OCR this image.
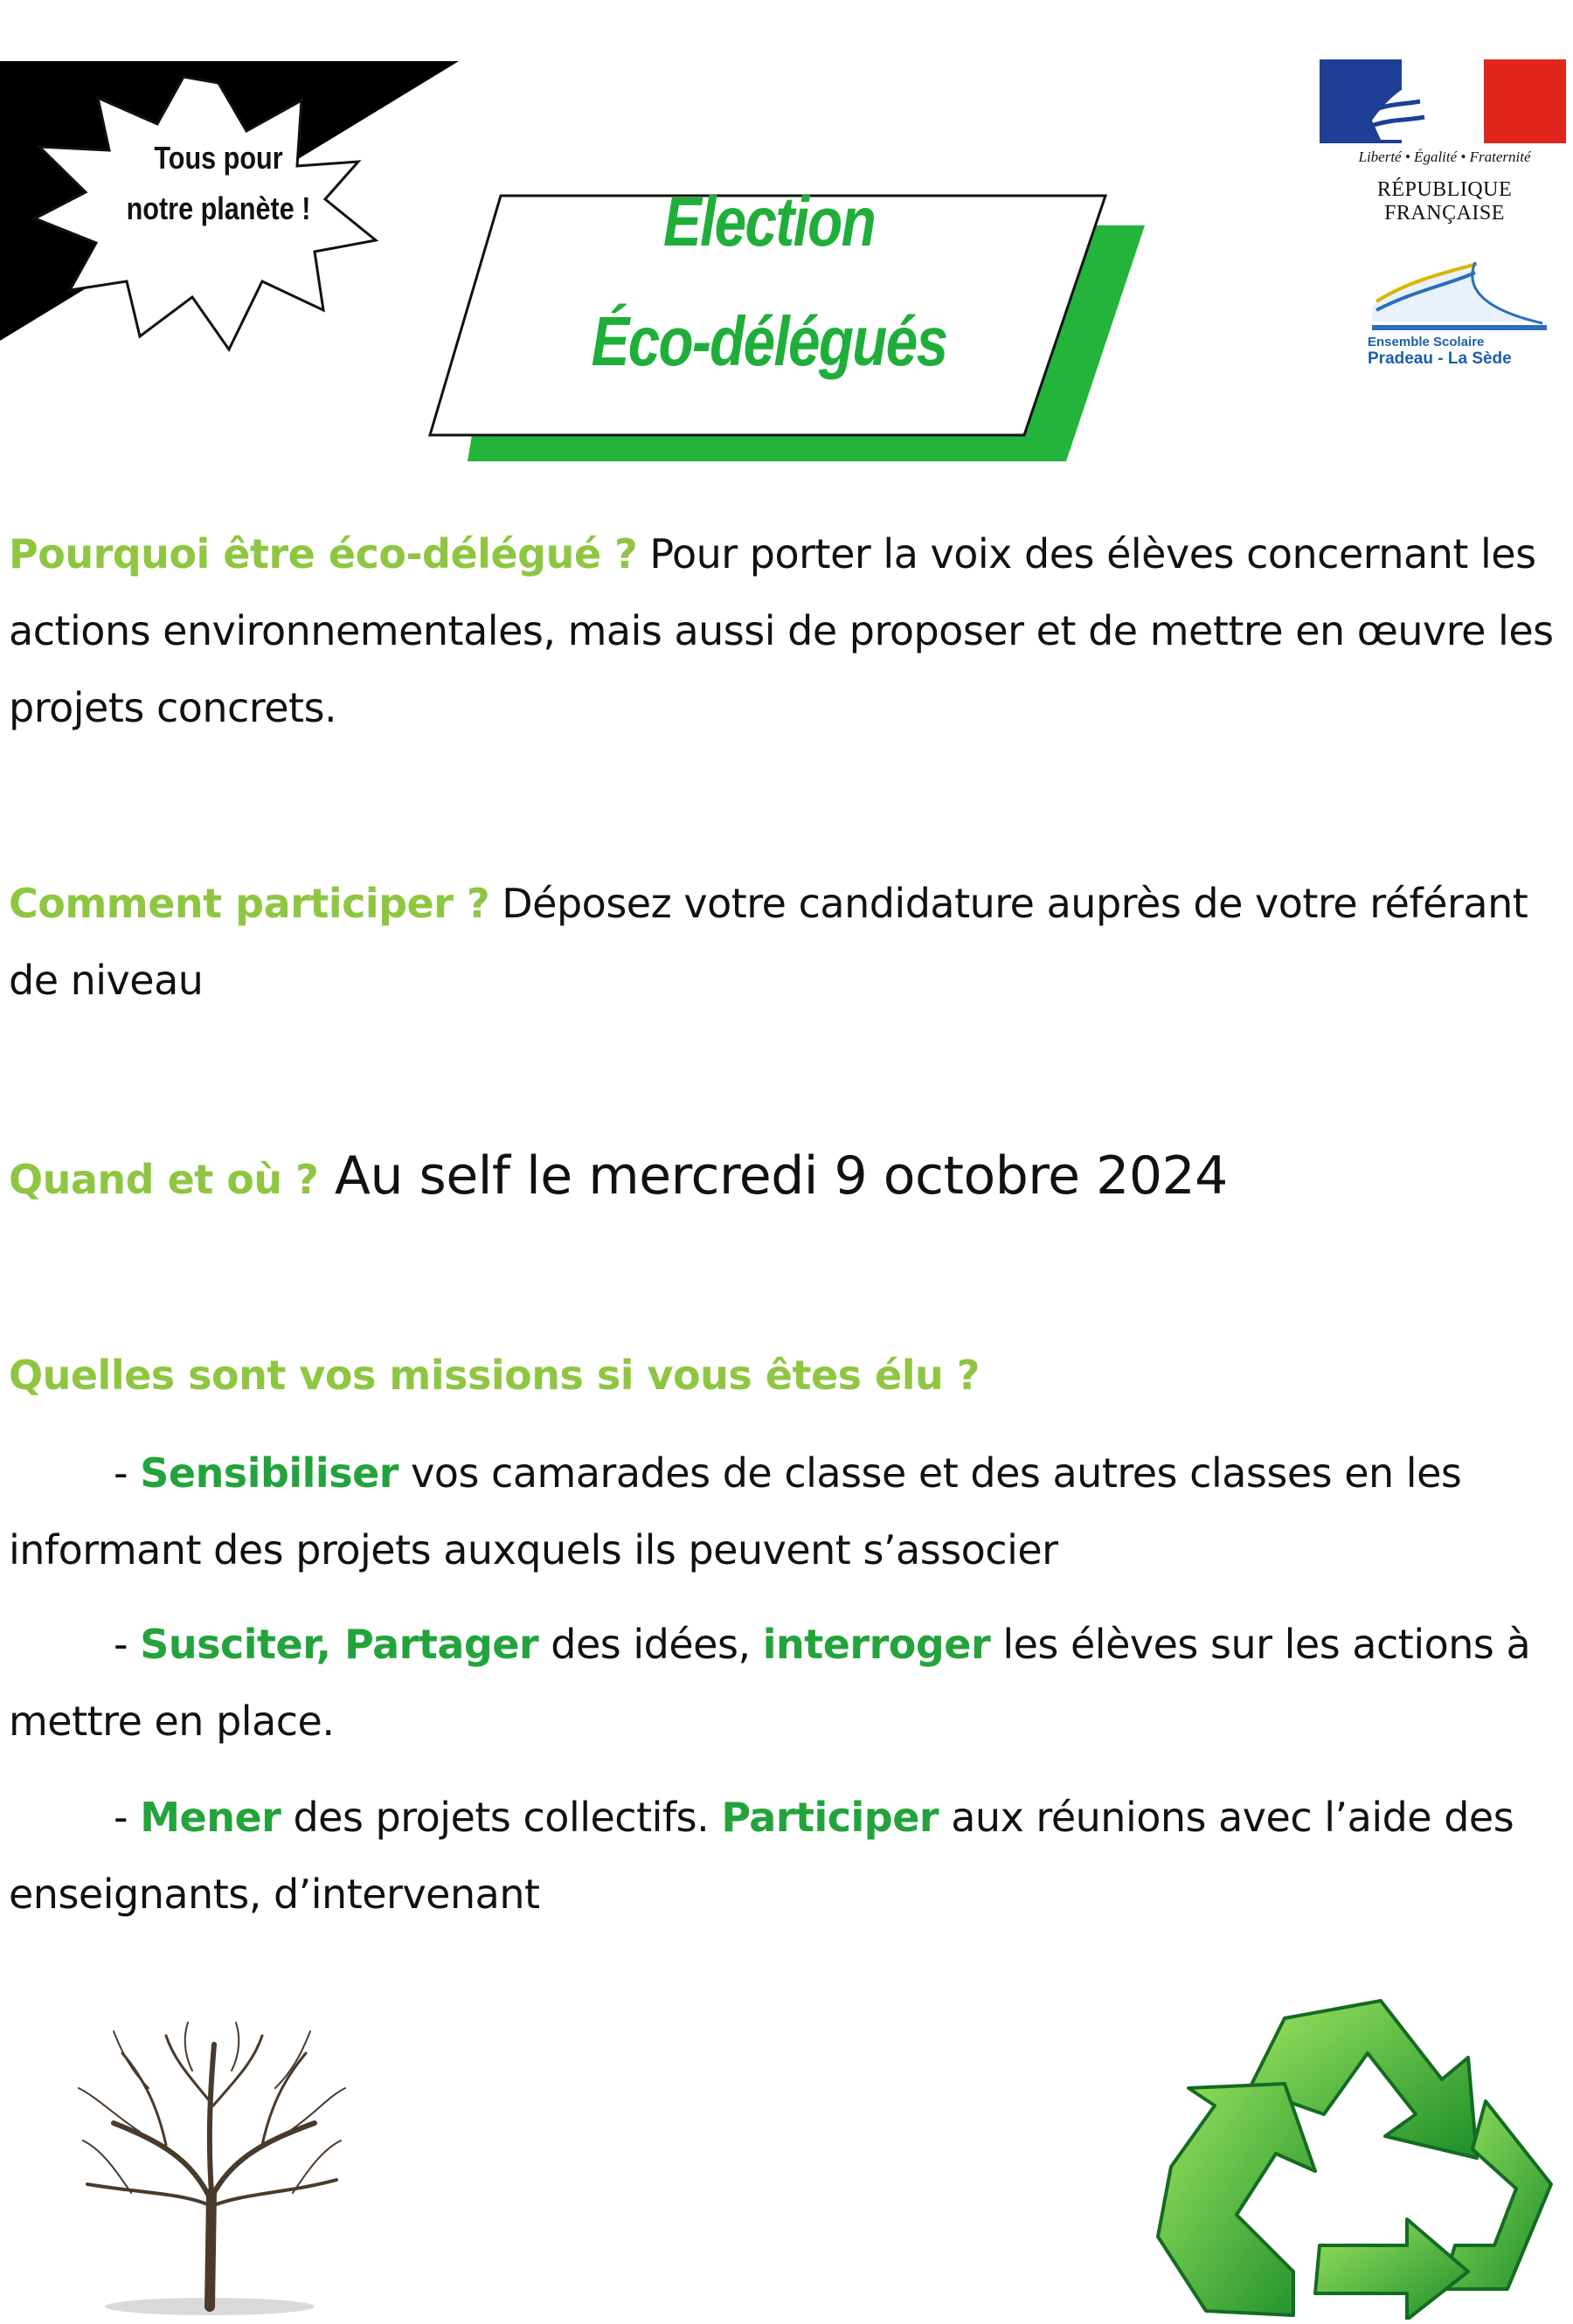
Tous pour
notre planète !	Election
Éco-délégués
Liberté • Égalité • Fraternité
RÉPUBLIQUE FRANÇAISE
Ensemble Scolaire
Pradeau - La Sède
Pourquoi être éco-délégué ? Pour porter la voix des élèves concernant les actions environnementales, mais aussi de proposer et de mettre en œuvre les projets concrets.
Comment participer ? Déposez votre candidature auprès de votre référant de niveau
Quand et où ? Au self le mercredi 9 octobre 2024
Quelles sont vos missions si vous êtes élu ?
- Sensibiliser vos camarades de classe et des autres classes en les informant des projets auxquels ils peuvent s’associer
- Susciter, Partager des idées, interroger les élèves sur les actions à mettre en place.
- Mener des projets collectifs. Participer aux réunions avec l’aide des enseignants, d’intervenant
